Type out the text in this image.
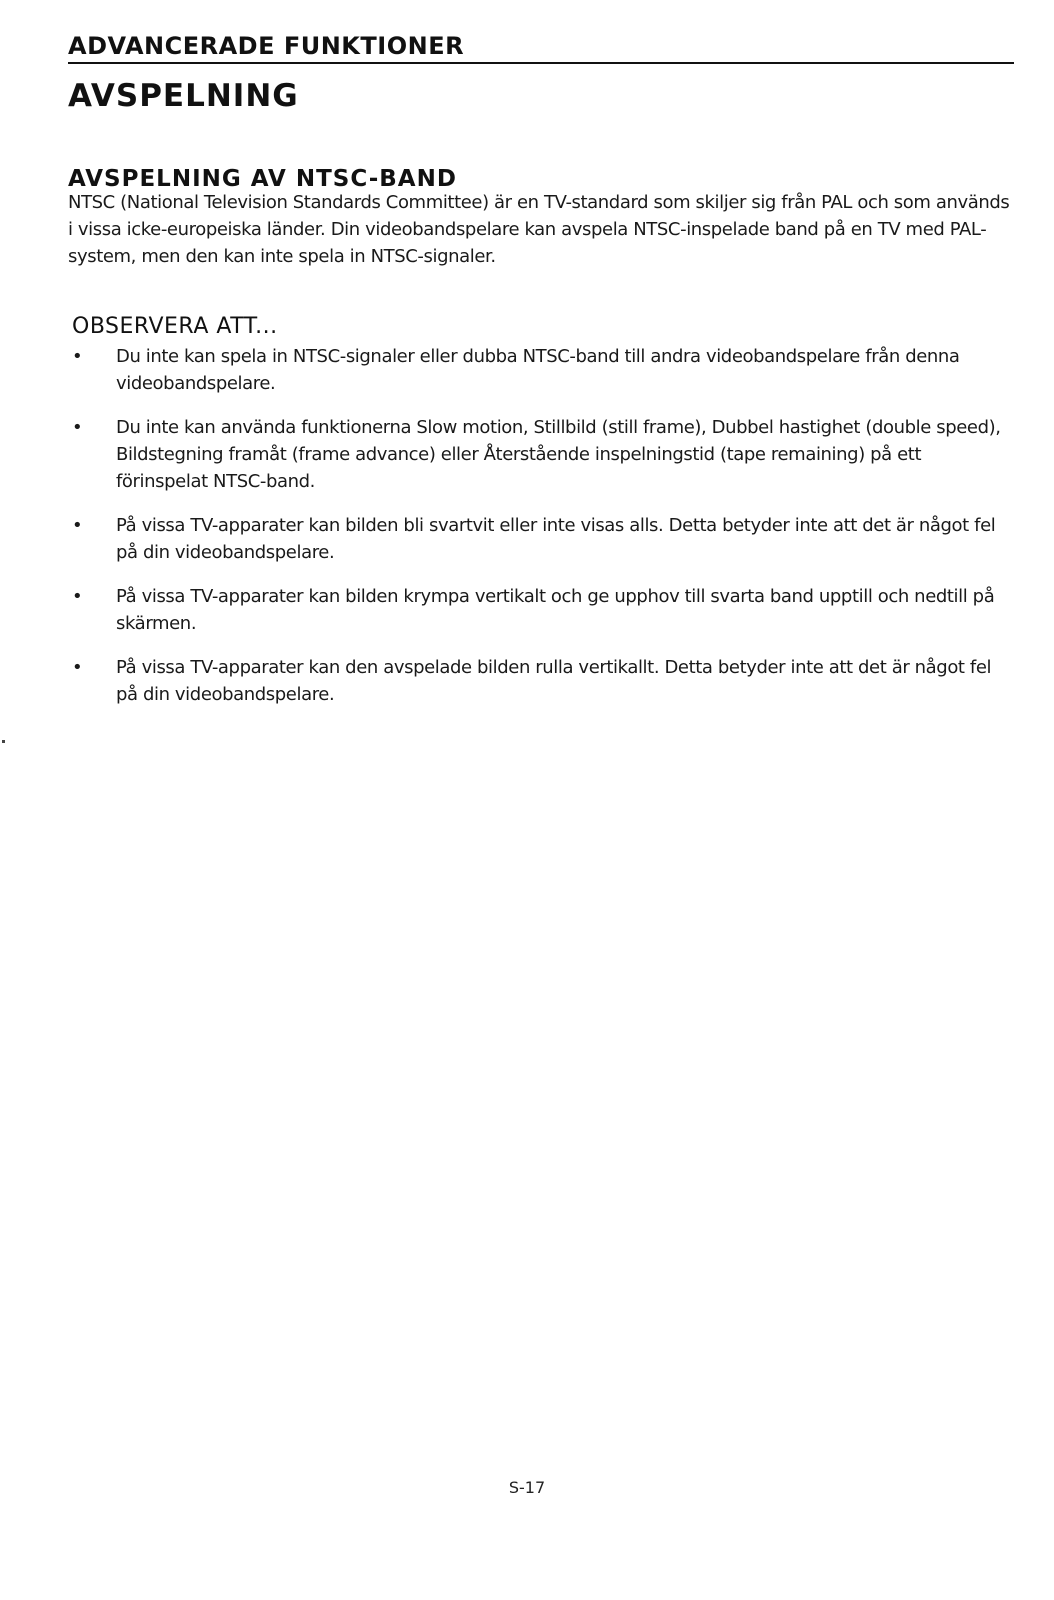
ADVANCERADE FUNKTIONER
AVSPELNING
AVSPELNING AV NTSC-BAND

NTSC (National Television Standards Committee) är en TV-standard som skiljer sig från PAL och som används i vissa icke-europeiska länder. Din videobandspelare kan avspela NTSC-inspelade band på en TV med PAL-system, men den kan inte spela in NTSC-signaler.

OBSERVERA ATT...
• Du inte kan spela in NTSC-signaler eller dubba NTSC-band till andra videobandspelare från denna videobandspelare.
• Du inte kan använda funktionerna Slow motion, Stillbild (still frame), Dubbel hastighet (double speed), Bildstegning framåt (frame advance) eller Återstående inspelningstid (tape remaining) på ett förinspelat NTSC-band.
• På vissa TV-apparater kan bilden bli svartvit eller inte visas alls. Detta betyder inte att det är något fel på din videobandspelare.
• På vissa TV-apparater kan bilden krympa vertikalt och ge upphov till svarta band upptill och nedtill på skärmen.
• På vissa TV-apparater kan den avspelade bilden rulla vertikallt. Detta betyder inte att det är något fel på din videobandspelare.
S-17
